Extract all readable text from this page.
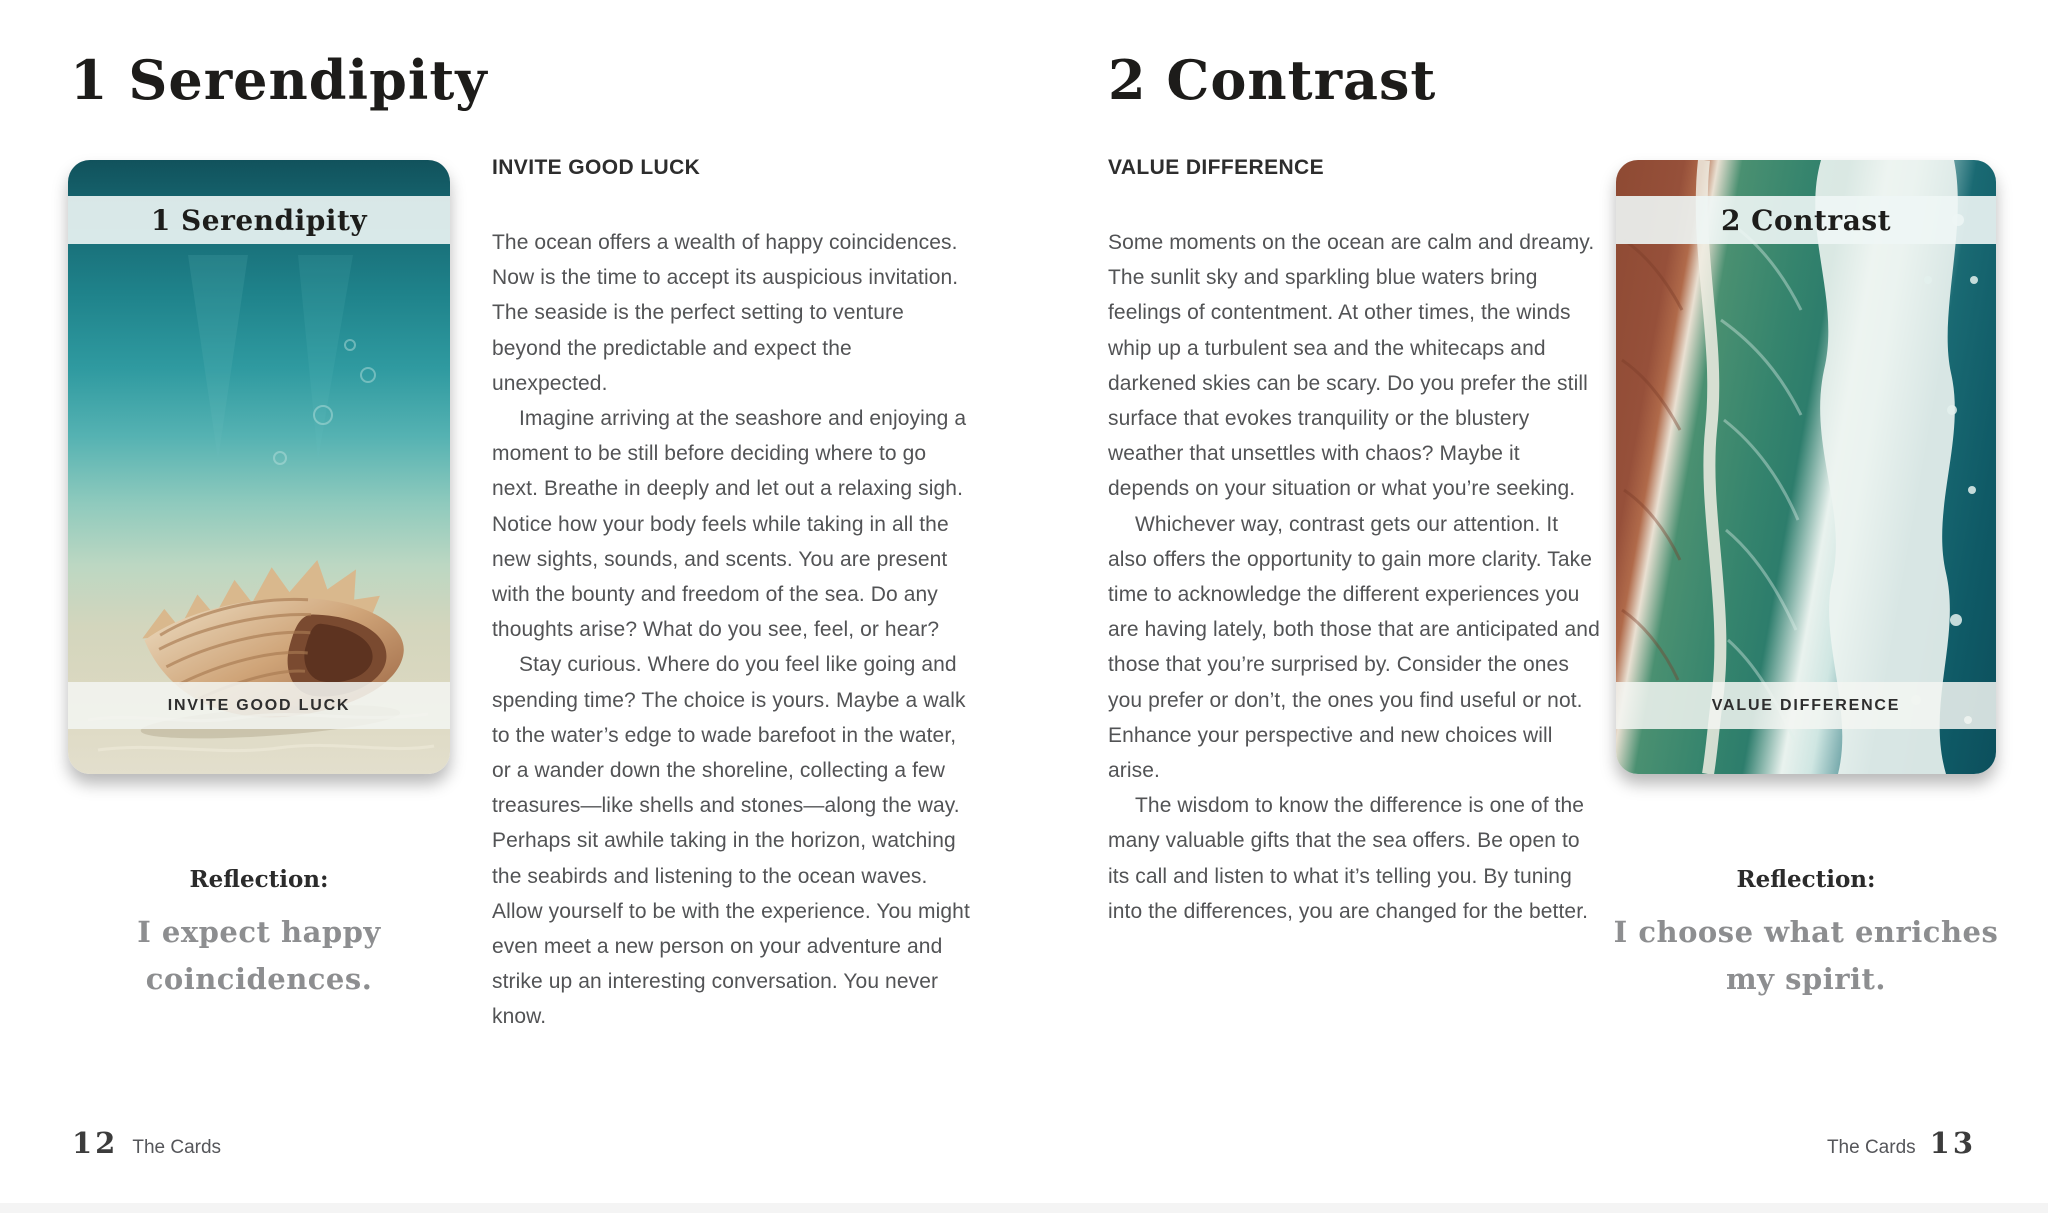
1 Serendipity
1 Serendipity
INVITE GOOD LUCK
Reflection:
I expect happy
coincidences.
INVITE GOOD LUCK

The ocean offers a wealth of happy coincidences. Now is the time to accept its auspicious invitation. The seaside is the perfect setting to venture beyond the predictable and expect the unexpected.

Imagine arriving at the seashore and enjoying a moment to be still before deciding where to go next. Breathe in deeply and let out a relaxing sigh. Notice how your body feels while taking in all the new sights, sounds, and scents. You are present with the bounty and freedom of the sea. Do any thoughts arise? What do you see, feel, or hear?

Stay curious. Where do you feel like going and spending time? The choice is yours. Maybe a walk to the water’s edge to wade barefoot in the water, or a wander down the shoreline, collecting a few treasures—like shells and stones—along the way. Perhaps sit awhile taking in the horizon, watching the seabirds and listening to the ocean waves. Allow yourself to be with the experience. You might even meet a new person on your adventure and strike up an interesting conversation. You never know.

2 Contrast
VALUE DIFFERENCE

Some moments on the ocean are calm and dreamy. The sunlit sky and sparkling blue waters bring feelings of contentment. At other times, the winds whip up a turbulent sea and the whitecaps and darkened skies can be scary. Do you prefer the still surface that evokes tranquility or the blustery weather that unsettles with chaos? Maybe it depends on your situation or what you’re seeking.

Whichever way, contrast gets our attention. It also offers the opportunity to gain more clarity. Take time to acknowledge the different experiences you are having lately, both those that are anticipated and those that you’re surprised by. Consider the ones you prefer or don’t, the ones you find useful or not. Enhance your perspective and new choices will arise.

The wisdom to know the difference is one of the many valuable gifts that the sea offers. Be open to its call and listen to what it’s telling you. By tuning into the differences, you are changed for the better.

2 Contrast
VALUE DIFFERENCE
Reflection:
I choose what enriches
my spirit.
12 The Cards	The Cards 13
